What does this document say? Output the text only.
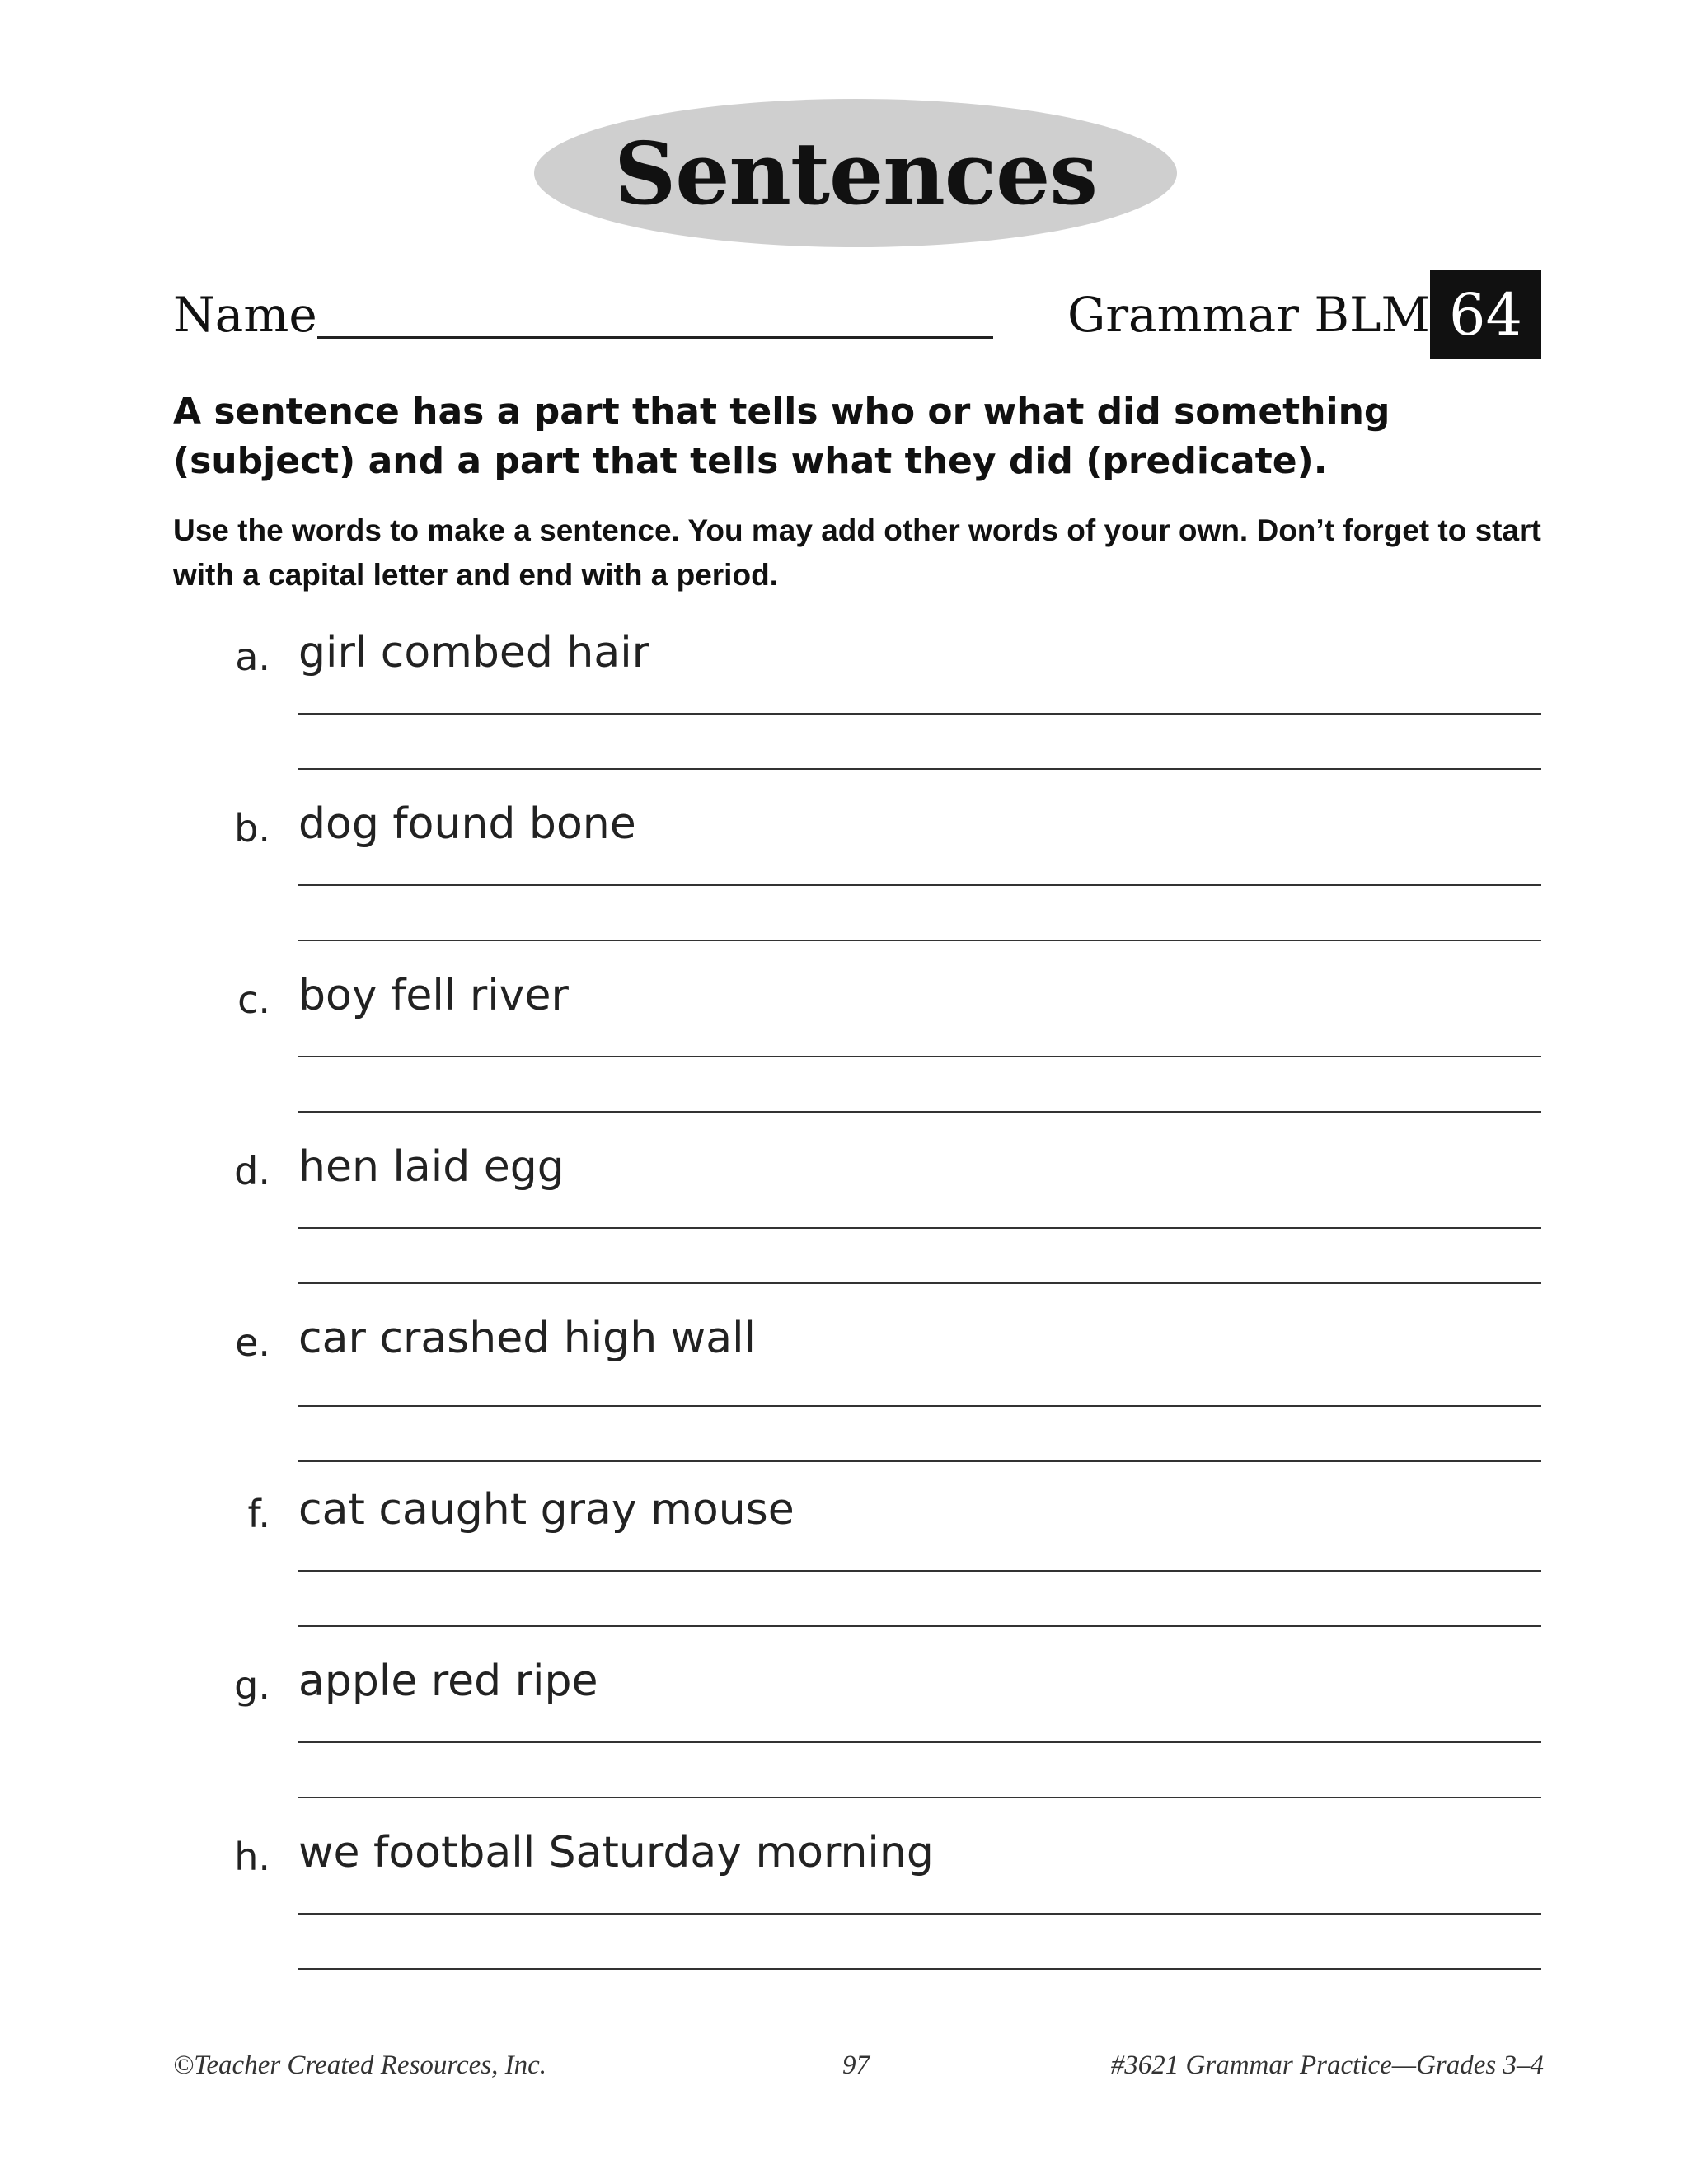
Sentences
Name	Grammar BLM 64
A sentence has a part that tells who or what did something (subject) and a part that tells what they did (predicate).
Use the words to make a sentence. You may add other words of your own. Don’t forget to start with a capital letter and end with a period.
a. girl combed hair
b. dog found bone
c. boy fell river
d. hen laid egg
e. car crashed high wall
f. cat caught gray mouse
g. apple red ripe
h. we football Saturday morning
©Teacher Created Resources, Inc.	97	#3621 Grammar Practice—Grades 3–4
